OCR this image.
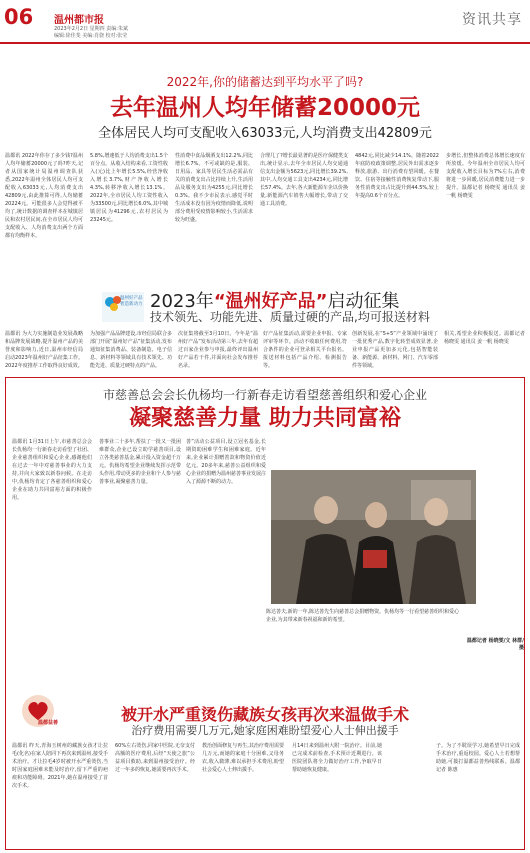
06 温州都市报
2023年2月2日 星期四 责编:朱斌
编辑:徐佳斐 美编:肖骁 校对:张莹
资讯共享
2022年,你的储蓄达到平均水平了吗?
去年温州人均年储蓄20000元
全体居民人均可支配收入63033元,人均消费支出42809元
温都讯 2022年你存了多少钱?温州人均年储蓄20000元了吗?昨天,记者从国家统计局温州调查队获悉,2022年温州全体居民人均可支配收入63033元,人均消费支出42809元,由此推算可得,人均储蓄20224元。可能很多人会觉得被平均了,统计数据的调查样本在城镇居民和农村居民间,在全市居民人均可支配收入、人均消费支出两个方面都有均衡样本。
5.8%,增速低于人均消费支出1.5个百分点。从收入结构来看,工资性收入(元)比上年增长5.5%,经营净收入增长3.7%,财产净收入增长4.3%,转移净收入增长13.1%。2022年,全市居民人均工资性收入为33500元,同比增长6.0%,其中城镇居民为41296元,农村居民为23245元。
性消费中食品烟酒支出12.2%,同比增长6.7%。不可或缺的是,服装、日用品、家具等居民生活必需品有关的消费支出占比持续上升,生活用品及服务支出为4255元,同比增长0.3%。我不少市民表示,感觉平时生活成本没有因为疫情而降低,说明部分费用受疫情影响较小,生活需求较为旺盛。
合理几了?增长最显著的是医疗保健类支出,统计显示,去年全市居民人均交通通信支出金额为5623元,同比增长39.2%,其中,人均交通工具支出4234元,同比增长57.4%。去年,各大新能源车企以价换量,新能源汽车销售大幅增长,带动了交通工具消费。
4842元,同比减少14.1%。随着2022年底防疫政策调整,居民外出需求逐步释放,旅游、出行消费有望回暖。在餐饮、住宿等接触性消费恢复带动下,服务性消费支出占比提升到44.5%,较上年提高0.6个百分点。
步增长,但整体消费总体增长速度有所放缓。今年温州全市居民人均可支配收入增长目标为7%左右,消费将进一步回暖,居民消费能力进一步提升。温都记者 杨晓雯 通讯员 姜一帆 杨晓雯
温州好产品 智造新动力 2023年“温州好产品”启动征集
技术领先、功能先进、质量过硬的产品,均可报送材料
温都讯 为大力实施制造业发展战略和品牌发展战略,提升温州产品的美誉度和影响力,近日,温州市经信局启动2023年温州好产品征集工作。2022年度推荐工作取得良好成效。
为加强产品品牌建设,市经信局联合多部门开展“温州好产品”征集活动,发布通知征集消费品、装备制造、电子信息、新材料等领域具有技术领先、功能先进、质量过硬特点的产品。
次征集将截至3月10日。今年是“温州好产品”发布活动第三年,去年有超过百家企业参与申报,最终评出温州好产品若干件,并面向社会发布推荐名录。
好产品征集活动,需要企业申报、专家评审等环节。活动不收取任何费用,符合条件的企业可登录相关平台报名。报送材料包括产品介绍、检测报告等。
创新发展,在“5+5”产业领域中涌现了一批优秀产品,数字化转型成效显著,企业申报产品更加多元化,包括智能装备、新能源、新材料、网门、汽车零部件等领域。
相关,希望企业积极报送。温都记者 杨晓雯 通讯员 姜一帆 杨晓雯
市慈善总会会长仇杨均一行新春走访看望慈善组织和爱心企业
凝聚慈善力量 助力共同富裕
温都讯 1月31日上午,市慈善总会会长仇杨均一行新春走访看望了社团、企业慈善组织和爱心企业,感谢他们在过去一年中对慈善事业的大力支持,并向大家致以新春问候。在走访中,仇杨均肯定了各慈善组织和爱心企业在助力共同富裕方面的积极作用。
善事业二十多年,帮扶了一批又一批困难群众,企业已设立助学慈善项目,设立各类慈善基金,累计投入资金超千万元。仇杨均希望企业继续发挥示范带头作用,带动更多的企业和个人参与慈善事业,凝聚慈善力量。
善”活动公益项目,设立冠名基金,长期资助困难学生和困难家庭。近年来,企业累计捐赠善款和物资价值近亿元。20多年来,慈善公益组织和爱心企业的捐赠为温州慈善事业发展注入了源源不断的动力。
陈达善夫,新的一年,陈达善先生向慈善总会捐赠物资。仇杨均等一行看望慈善组织和爱心企业,为其带来新春祝福和新的希望。
温都记者 杨晓雯/文 林群/摄
温都益善	被开水严重烫伤藏族女孩再次来温做手术
治疗费用需要几万元,她家庭困难盼望爱心人士伸出援手
温都讯 昨天,青海玉树州的藏族女孩才让拉毛(化名)在家人陪同下再次来到温州,接受手术治疗。才让拉毛4岁时被开水严重烫伤,当时因家庭困难未能及时治疗,留下严重的疤痕和功能障碍。2021年,她在温州接受了首次手术。
60%左右烫伤,同家中医院,无奈支付高额的医疗费用,后经“天使之旅”公益项目救助,来到温州接受治疗。经过一年多的恢复,她需要再次手术。
教治创面修复与再生,其治疗费用需要几万元,而她的家庭十分困难,父母务农,收入微薄,难以承担手术费用,盼望社会爱心人士伸出援手。
月14日来到温州大附一院治疗。目前,她已完成术前检查,手术预计近期进行。该医院团队将全力做好治疗工作,争取早日帮助她恢复健康。
子。为了不耽误学习,她希望早日完成手术治疗,重返校园。爱心人士若想帮助她,可拨打温都益善热线联系。温都记者 陈惠
